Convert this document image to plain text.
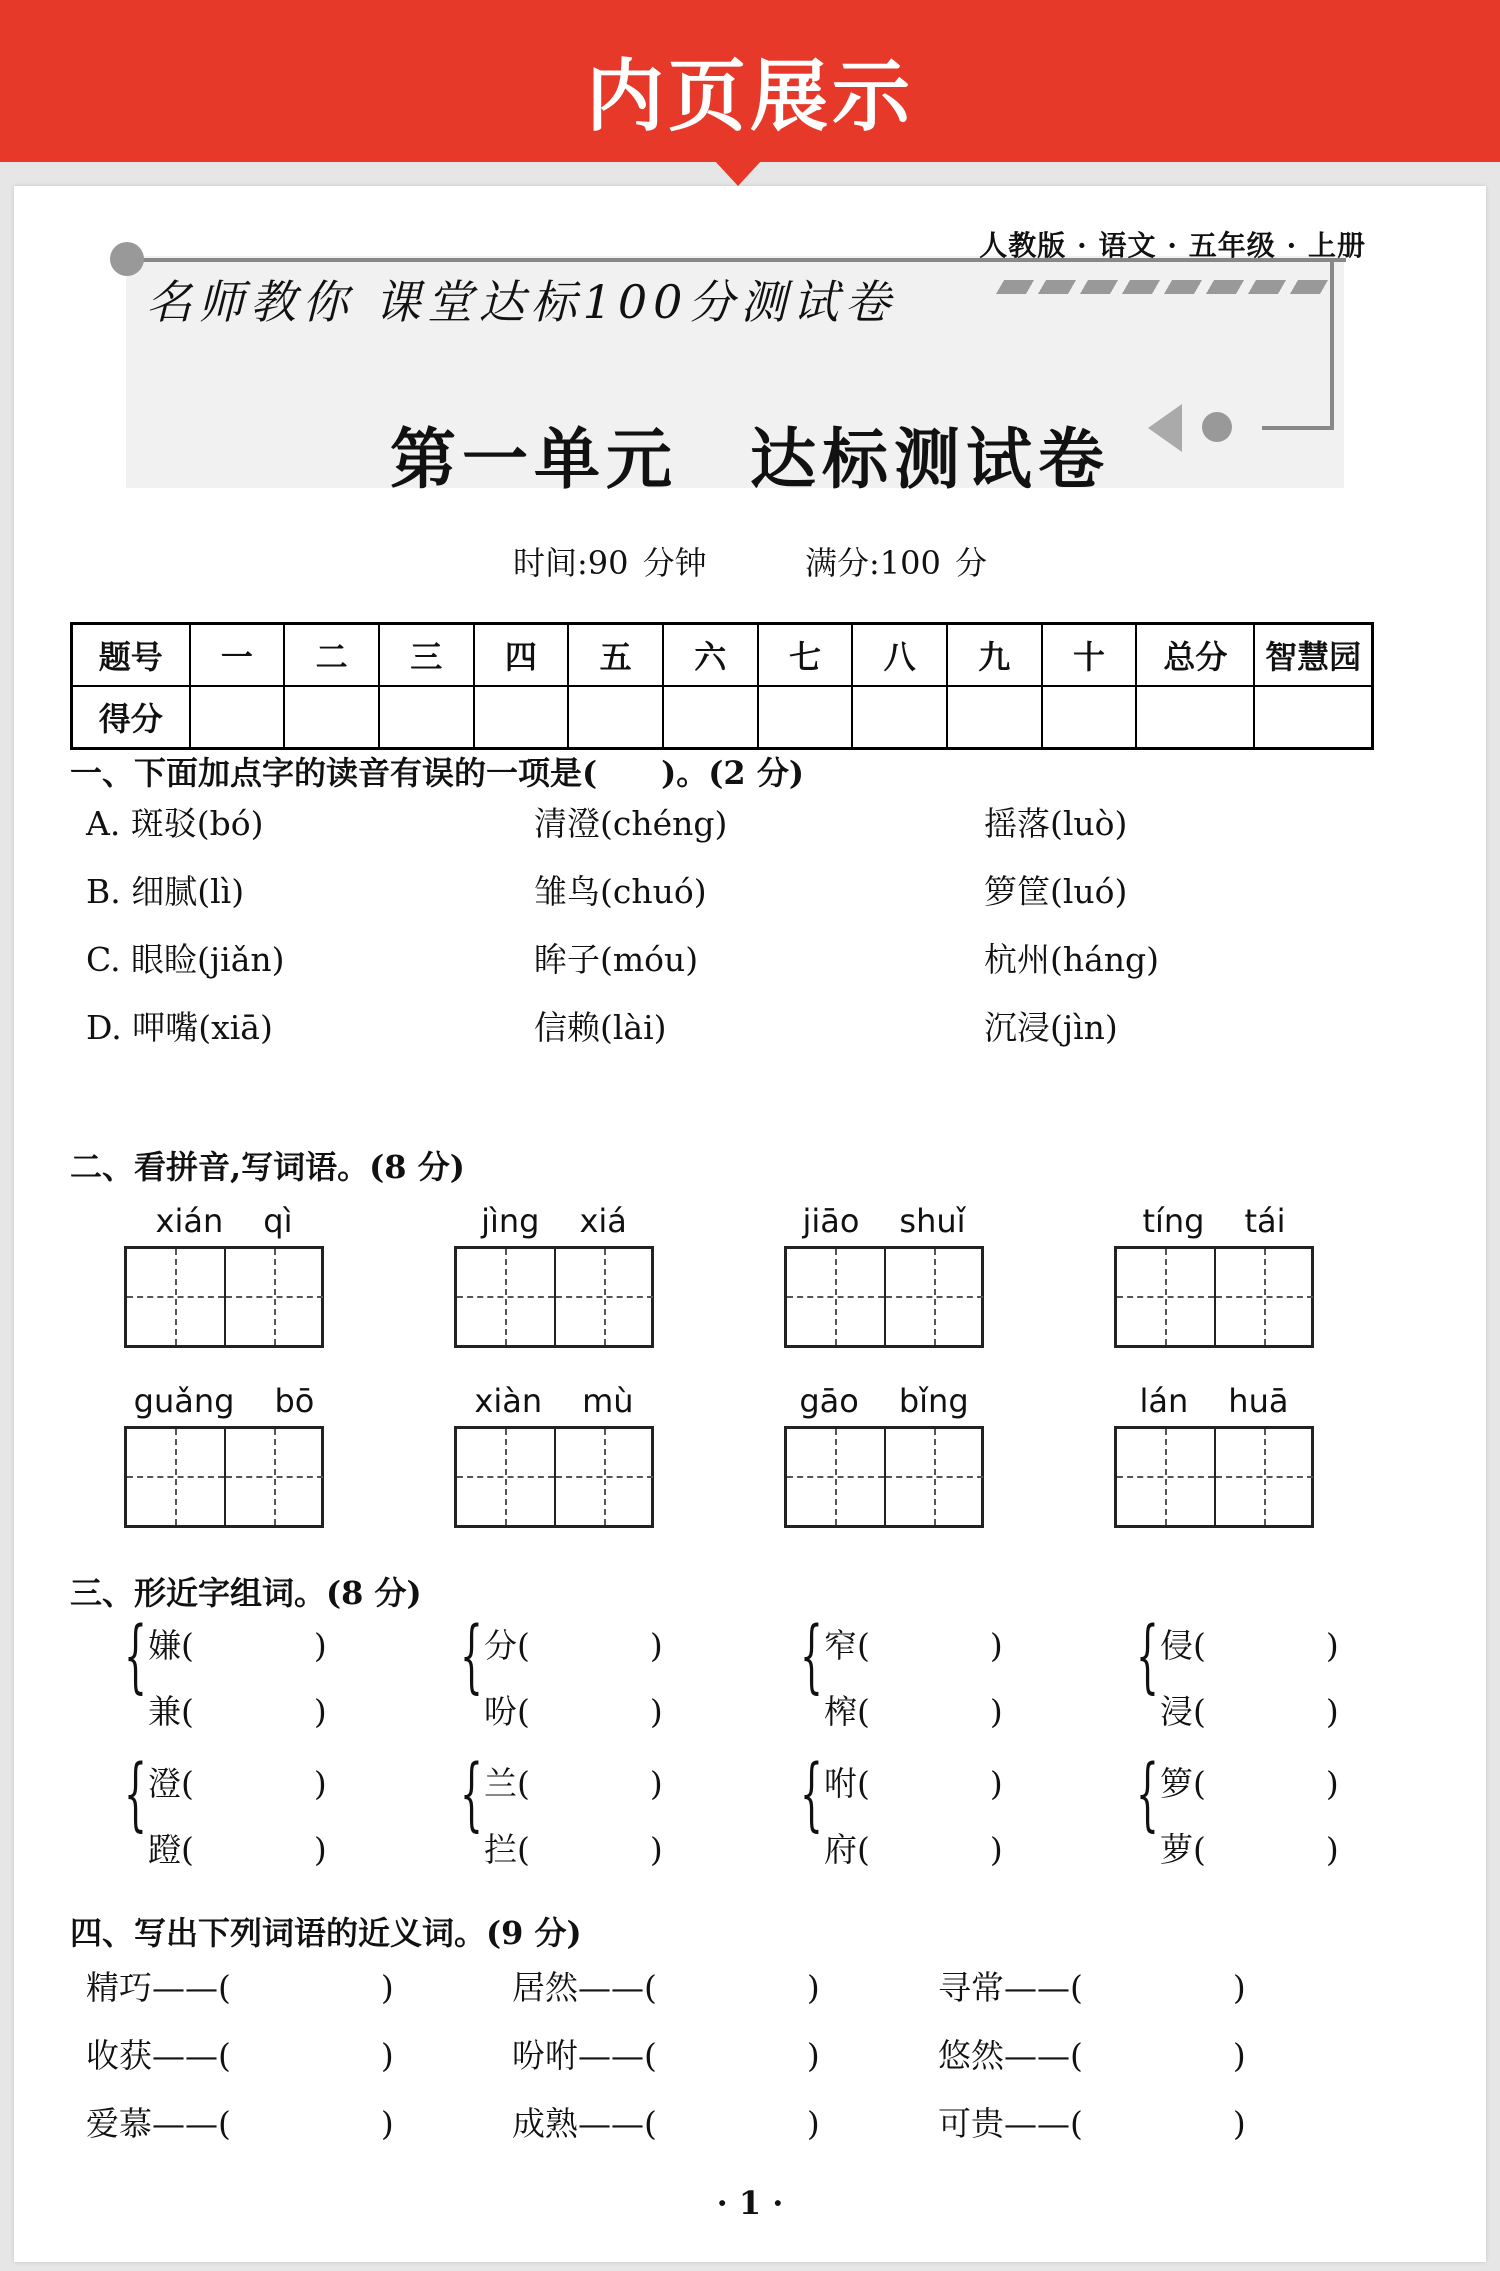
内页展示
人教版 · 语文 · 五年级 · 上册
名师教你 课堂达标100分测试卷
第一单元　达标测试卷
时间:90 分钟	满分:100 分
题号	一	二	三	四	五	六	七	八	九	十	总分	智慧园
得分												
一、下面加点字的读音有误的一项是(　　)。(2 分)
A. 斑驳(bó)	清澄(chéng)	摇落(luò)
B. 细腻(lì)	雏鸟(chuó)	箩筐(luó)
C. 眼睑(jiǎn)	眸子(móu)	杭州(háng)
D. 呷嘴(xiā)	信赖(lài)	沉浸(jìn)
二、看拼音,写词语。(8 分)
xián qì	jìng xiá	jiāo shuǐ	tíng tái
guǎng bō	xiàn mù	gāo bǐng	lán huā
三、形近字组词。(8 分)
{ 嫌(	)
兼(	)
{ 分(	)
吩(	)
{ 窄(	)
榨(	)
{ 侵(	)
浸(	)
{ 澄(	)
蹬(	)
{ 兰(	)
拦(	)
{ 咐(	)
府(	)
{ 箩(	)
萝(	)
四、写出下列词语的近义词。(9 分)
精巧——(	)	居然——(	)	寻常——(	)
收获——(	)	吩咐——(	)	悠然——(	)
爱慕——(	)	成熟——(	)	可贵——(	)
· 1 ·
